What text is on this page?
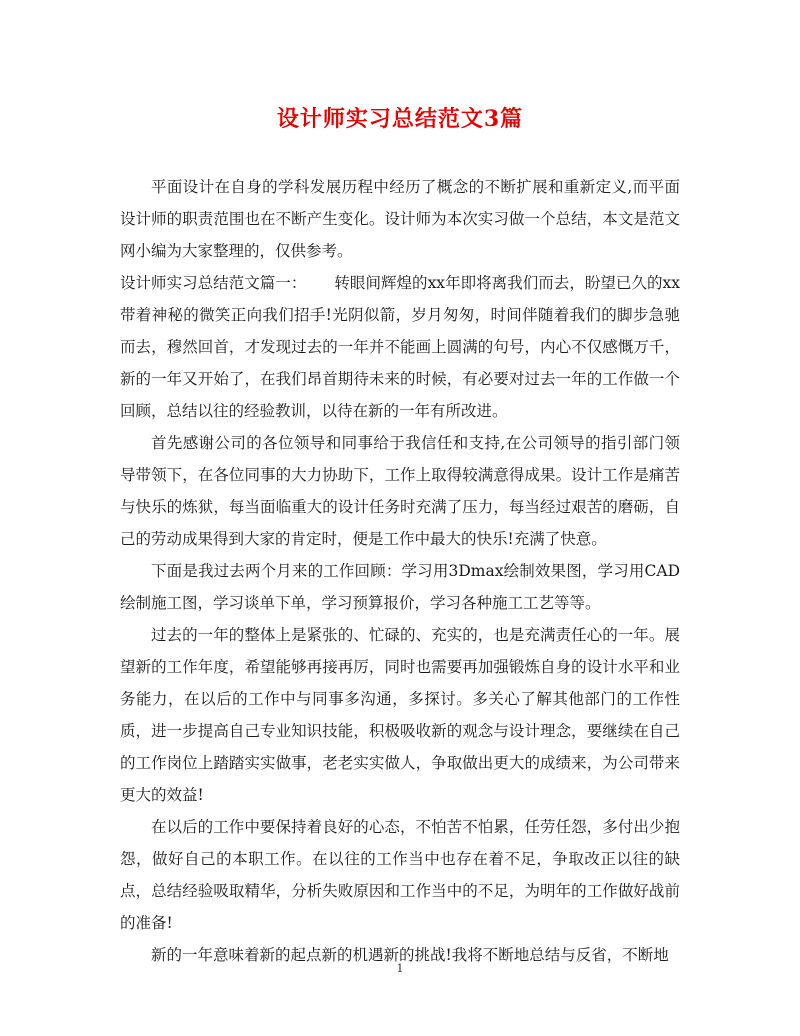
设计师实习总结范文3篇

平面设计在自身的学科发展历程中经历了概念的不断扩展和重新定义,而平面设计师的职责范围也在不断产生变化。设计师为本次实习做一个总结，本文是范文网小编为大家整理的，仅供参考。

设计师实习总结范文篇一： 转眼间辉煌的xx年即将离我们而去，盼望已久的xx带着神秘的微笑正向我们招手!光阴似箭，岁月匆匆，时间伴随着我们的脚步急驰而去，穆然回首，才发现过去的一年并不能画上圆满的句号，内心不仅感慨万千，新的一年又开始了，在我们昂首期待未来的时候，有必要对过去一年的工作做一个回顾，总结以往的经验教训，以待在新的一年有所改进。

首先感谢公司的各位领导和同事给于我信任和支持,在公司领导的指引部门领导带领下，在各位同事的大力协助下，工作上取得较满意得成果。设计工作是痛苦与快乐的炼狱，每当面临重大的设计任务时充满了压力，每当经过艰苦的磨砺，自己的劳动成果得到大家的肯定时，便是工作中最大的快乐!充满了快意。

下面是我过去两个月来的工作回顾：学习用3Dmax绘制效果图，学习用CAD绘制施工图，学习谈单下单，学习预算报价，学习各种施工工艺等等。

过去的一年的整体上是紧张的、忙碌的、充实的，也是充满责任心的一年。展望新的工作年度，希望能够再接再厉，同时也需要再加强锻炼自身的设计水平和业务能力，在以后的工作中与同事多沟通，多探讨。多关心了解其他部门的工作性质，进一步提高自己专业知识技能，积极吸收新的观念与设计理念，要继续在自己的工作岗位上踏踏实实做事，老老实实做人，争取做出更大的成绩来，为公司带来更大的效益!

在以后的工作中要保持着良好的心态，不怕苦不怕累，任劳任怨，多付出少抱怨，做好自己的本职工作。在以往的工作当中也存在着不足，争取改正以往的缺点，总结经验吸取精华，分析失败原因和工作当中的不足，为明年的工作做好战前的准备!

新的一年意味着新的起点新的机遇新的挑战!我将不断地总结与反省，不断地

1
